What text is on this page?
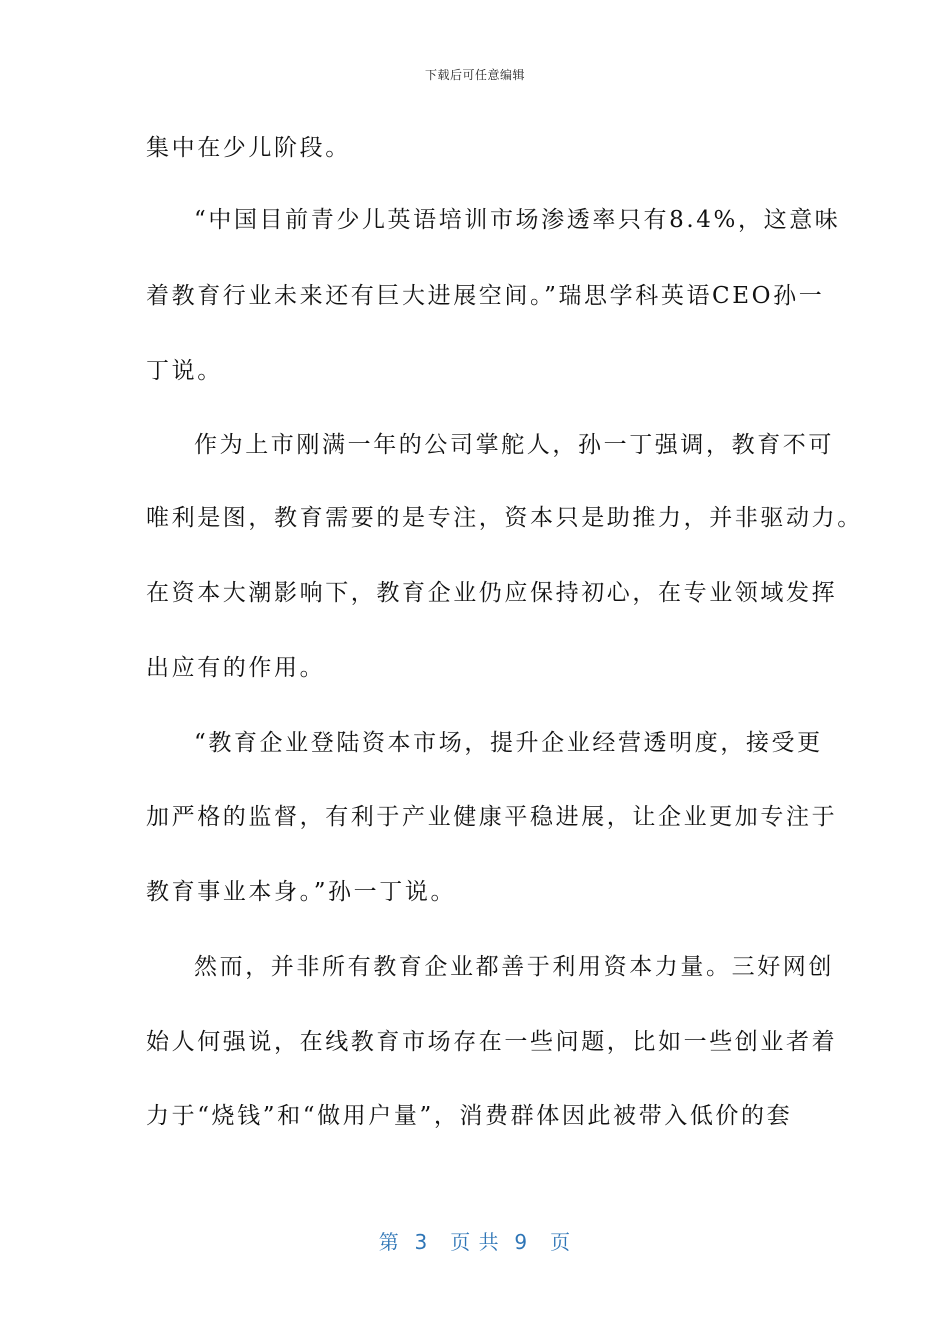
下载后可任意编辑
集中在少儿阶段。
“中国目前青少儿英语培训市场渗透率只有8.4%，这意味
着教育行业未来还有巨大进展空间。”瑞思学科英语CEO孙一
丁说。
作为上市刚满一年的公司掌舵人，孙一丁强调，教育不可
唯利是图，教育需要的是专注，资本只是助推力，并非驱动力。
在资本大潮影响下，教育企业仍应保持初心，在专业领域发挥
出应有的作用。
“教育企业登陆资本市场，提升企业经营透明度，接受更
加严格的监督，有利于产业健康平稳进展，让企业更加专注于
教育事业本身。”孙一丁说。
然而，并非所有教育企业都善于利用资本力量。三好网创
始人何强说，在线教育市场存在一些问题，比如一些创业者着
力于“烧钱”和“做用户量”，消费群体因此被带入低价的套
第  3   页 共  9   页
